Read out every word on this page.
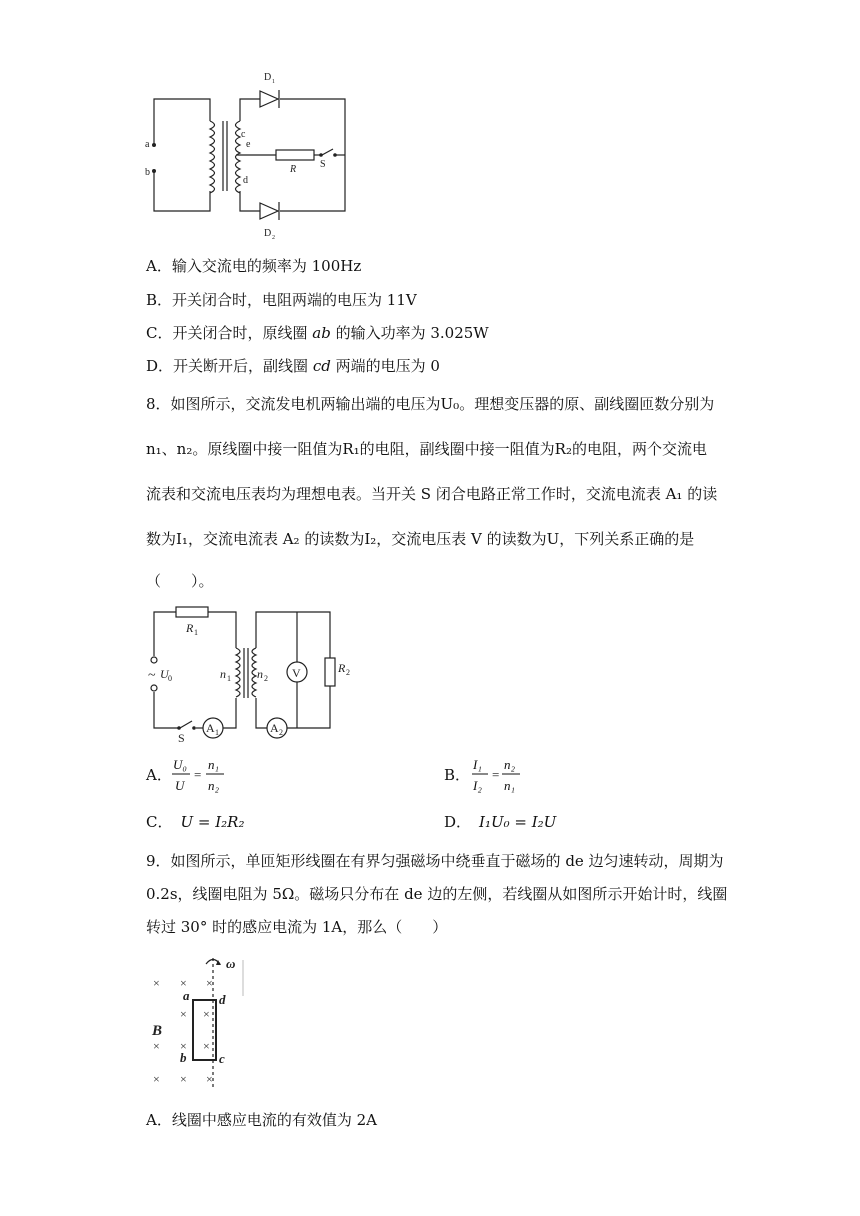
D 1
D 2
a
b
c
e
d
R S
A．输入交流电的频率为 100Hz
B．开关闭合时，电阻两端的电压为 11V
C．开关闭合时，原线圈 ab 的输入功率为 3.025W
D．开关断开后，副线圈 cd 两端的电压为 0
8．如图所示，交流发电机两输出端的电压为U₀。理想变压器的原、副线圈匝数分别为
n₁、n₂。原线圈中接一阻值为R₁的电阻，副线圈中接一阻值为R₂的电阻，两个交流电
流表和交流电压表均为理想电表。当开关 S 闭合电路正常工作时，交流电流表 A₁ 的读
数为I₁，交流电流表 A₂ 的读数为I₂，交流电压表 V 的读数为U，下列关系正确的是
（　　）。
R 1
~ U 0	n 1 n 2 V	R 2
S
A 1	A 2
A．
U₀
U
=
n₁
n₂
B．
I₁
I₂
=
n₂
n₁
C． U = I₂R₂	D． I₁U₀ = I₂U
9．如图所示，单匝矩形线圈在有界匀强磁场中绕垂直于磁场的 de 边匀速转动，周期为
0.2s，线圈电阻为 5Ω。磁场只分布在 de 边的左侧，若线圈从如图所示开始计时，线圈
转过 30° 时的感应电流为 1A，那么（　　）
ω
a d
B
b	c
× × ×
× ×
× × ×
× × ×
A．线圈中感应电流的有效值为 2A
